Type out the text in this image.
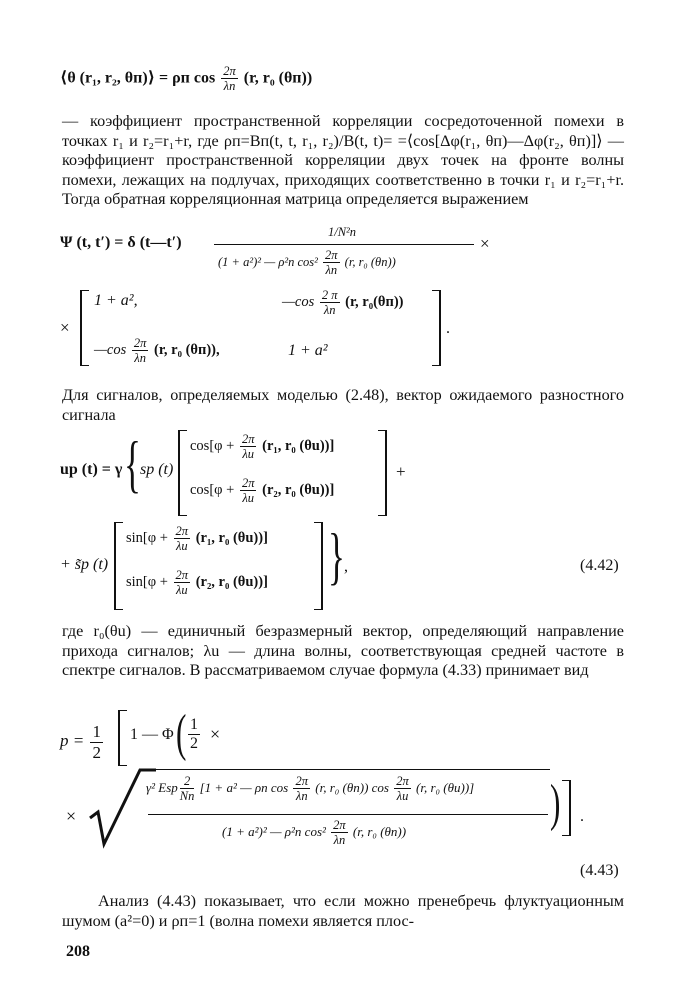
⟨θ (r₁, r₂, θп)⟩ = ρп $\cos \frac{2\pi}{\lambda п} (r$, r₀ (θп))

— коэффициент пространственной корреляции сосредоточенной помехи в точках r₁ и r₂=r₁+r, где ρп=Bп(t, t, r₁, r₂)/B(t, t)= =⟨cos[Δφ(r₁, θп)—Δφ(r₂, θп)]⟩ — коэффициент пространственной корреляции двух точек на фронте волны помехи, лежащих на подлучах, приходящих соответственно в точки r₁ и r₂=r₁+r. Тогда обратная корреляционная матрица определяется выражением

Ψ (t, t′) = δ (t—t′)
1/N²п
(1 + a²)² — ρ²п $\cos^2 \frac{2\pi}{\lambda п} (r$, r₀ (θп))
×
×
1 + a²,	—cos $\frac{2 \pi}{\lambda п} (r$, r₀(θп))
—cos $\frac{2\pi}{\lambda п} (r$, r₀ (θп)),	1 + a²
.

Для сигналов, определяемых моделью (2.48), вектор ожидаемого разностного сигнала

uр (t) = γ { sр (t)
$\cos[\varphi + \frac{2\pi}{\lambda u} (r_1$, r₀ (θu))]
$\cos[\varphi + \frac{2\pi}{\lambda u} (r_2$, r₀ (θu))]
+
+ s̃р (t)	}
$\sin[\varphi + \frac{2\pi}{\lambda u} (r_1$, r₀ (θu))]
$\sin[\varphi + \frac{2\pi}{\lambda u} (r_2$, r₀ (θu))]
,	(4.42)

где r₀(θu) — единичный безразмерный вектор, определяющий направление прихода сигналов; λu — длина волны, соответствующая средней частоте в спектре сигналов. В рассматриваемом случае формула (4.33) принимает вид

$p = \frac{1}{2} 1$ — Φ ( $\frac{1}{2}$ ×
×
γ² Esp $\frac{2}{Nп} [1 + a^2$ — ρп $\cos \frac{2\pi}{\lambda п} (r$, r₀ (θп)) $\cos \frac{2\pi}{\lambda u} (r$, r₀ (θu))]
(1 + a²)² — ρ²п $\cos^2 \frac{2\pi}{\lambda п} (r$, r₀ (θп))	) .
(4.43)

Анализ (4.43) показывает, что если можно пренебречь флуктуационным шумом (a²=0) и ρп=1 (волна помехи является плос-

208
